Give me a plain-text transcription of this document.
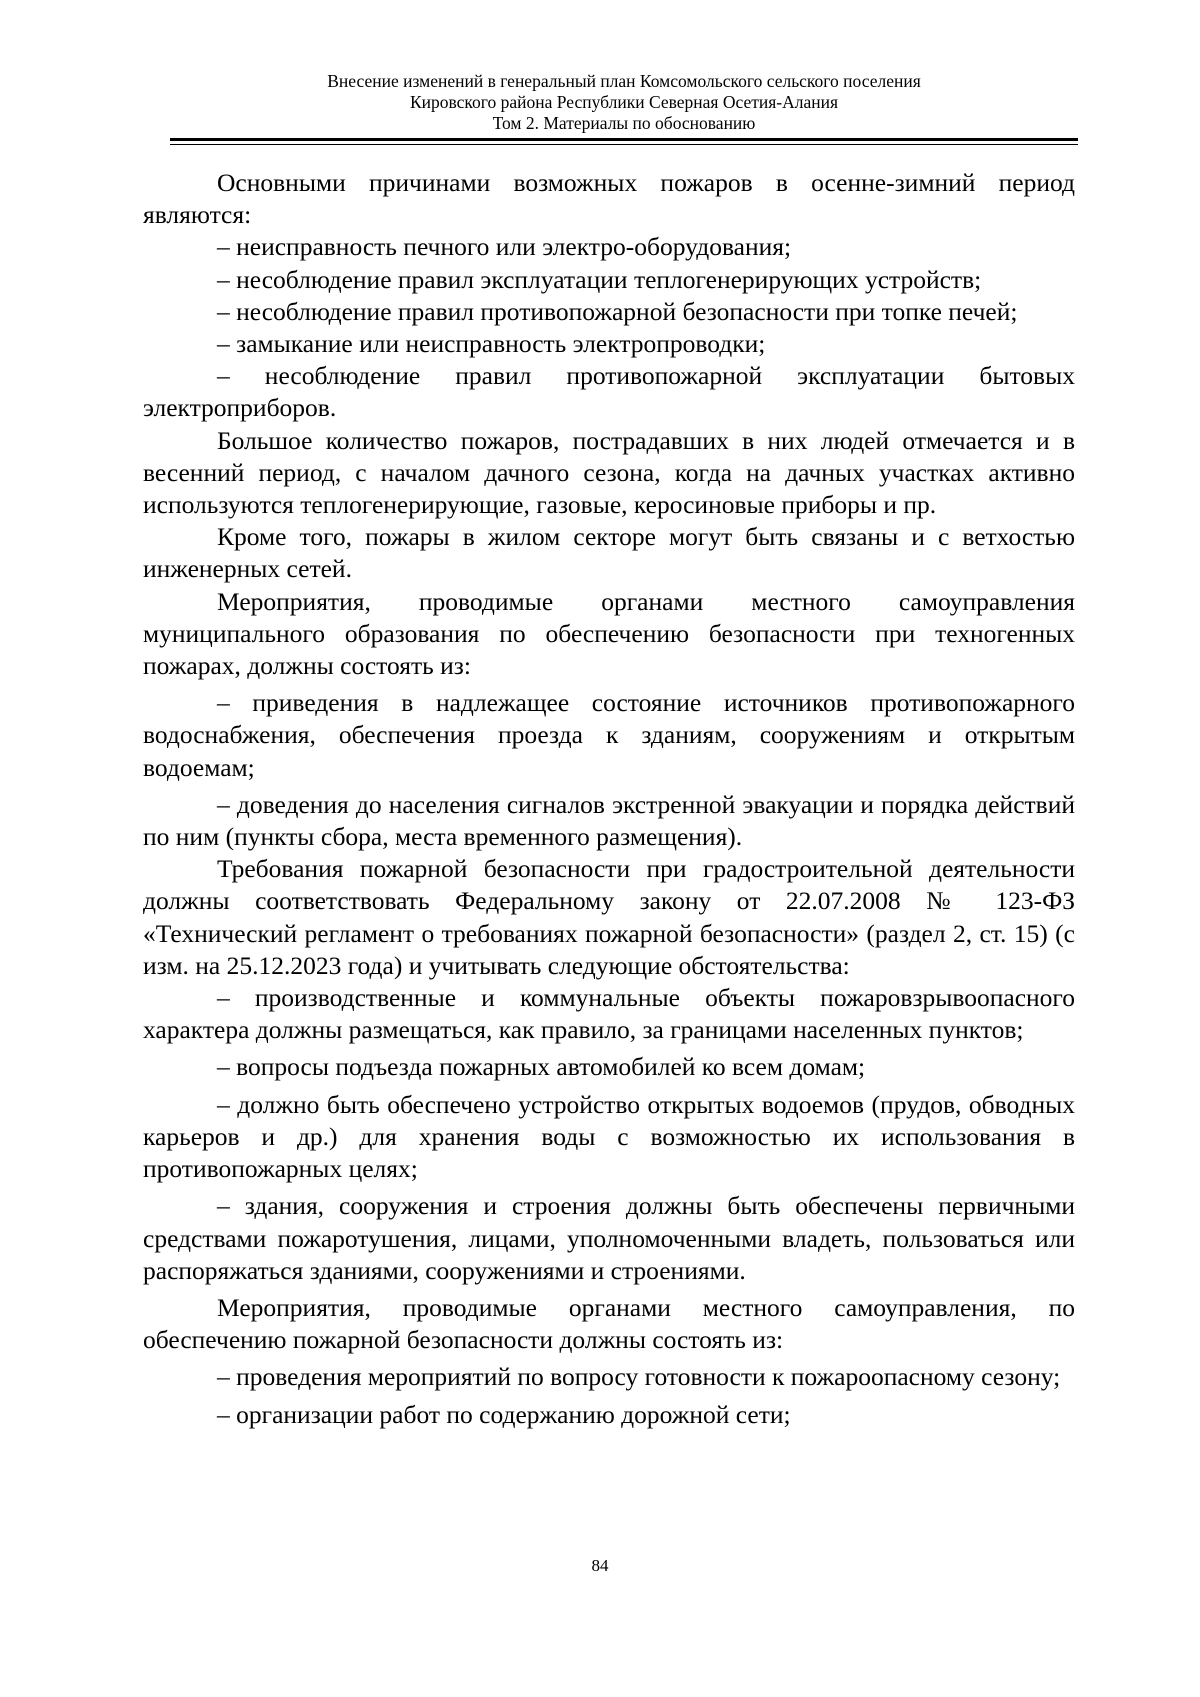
Внесение изменений в генеральный план Комсомольского сельского поселения
Кировского района Республики Северная Осетия-Алания
Том 2. Материалы по обоснованию

Основными причинами возможных пожаров в осенне-зимний период являются:

– неисправность печного или электро-оборудования;

– несоблюдение правил эксплуатации теплогенерирующих устройств;

– несоблюдение правил противопожарной безопасности при топке печей;

– замыкание или неисправность электропроводки;

– несоблюдение правил противопожарной эксплуатации бытовых электроприборов.

Большое количество пожаров, пострадавших в них людей отмечается и в весенний период, с началом дачного сезона, когда на дачных участках активно используются теплогенерирующие, газовые, керосиновые приборы и пр.

Кроме того, пожары в жилом секторе могут быть связаны и с ветхостью инженерных сетей.

Мероприятия, проводимые органами местного самоуправления муниципального образования по обеспечению безопасности при техногенных пожарах, должны состоять из:

– приведения в надлежащее состояние источников противопожарного водоснабжения, обеспечения проезда к зданиям, сооружениям и открытым водоемам;

– доведения до населения сигналов экстренной эвакуации и порядка действий по ним (пункты сбора, места временного размещения).

Требования пожарной безопасности при градостроительной деятельности должны соответствовать Федеральному закону от 22.07.2008 № 123-ФЗ «Технический регламент о требованиях пожарной безопасности» (раздел 2, ст. 15) (с изм. на 25.12.2023 года) и учитывать следующие обстоятельства:

– производственные и коммунальные объекты пожаровзрывоопасного характера должны размещаться, как правило, за границами населенных пунктов;

– вопросы подъезда пожарных автомобилей ко всем домам;

– должно быть обеспечено устройство открытых водоемов (прудов, обводных карьеров и др.) для хранения воды с возможностью их использования в противопожарных целях;

– здания, сооружения и строения должны быть обеспечены первичными средствами пожаротушения, лицами, уполномоченными владеть, пользоваться или распоряжаться зданиями, сооружениями и строениями.

Мероприятия, проводимые органами местного самоуправления, по обеспечению пожарной безопасности должны состоять из:

– проведения мероприятий по вопросу готовности к пожароопасному сезону;

– организации работ по содержанию дорожной сети;

84
